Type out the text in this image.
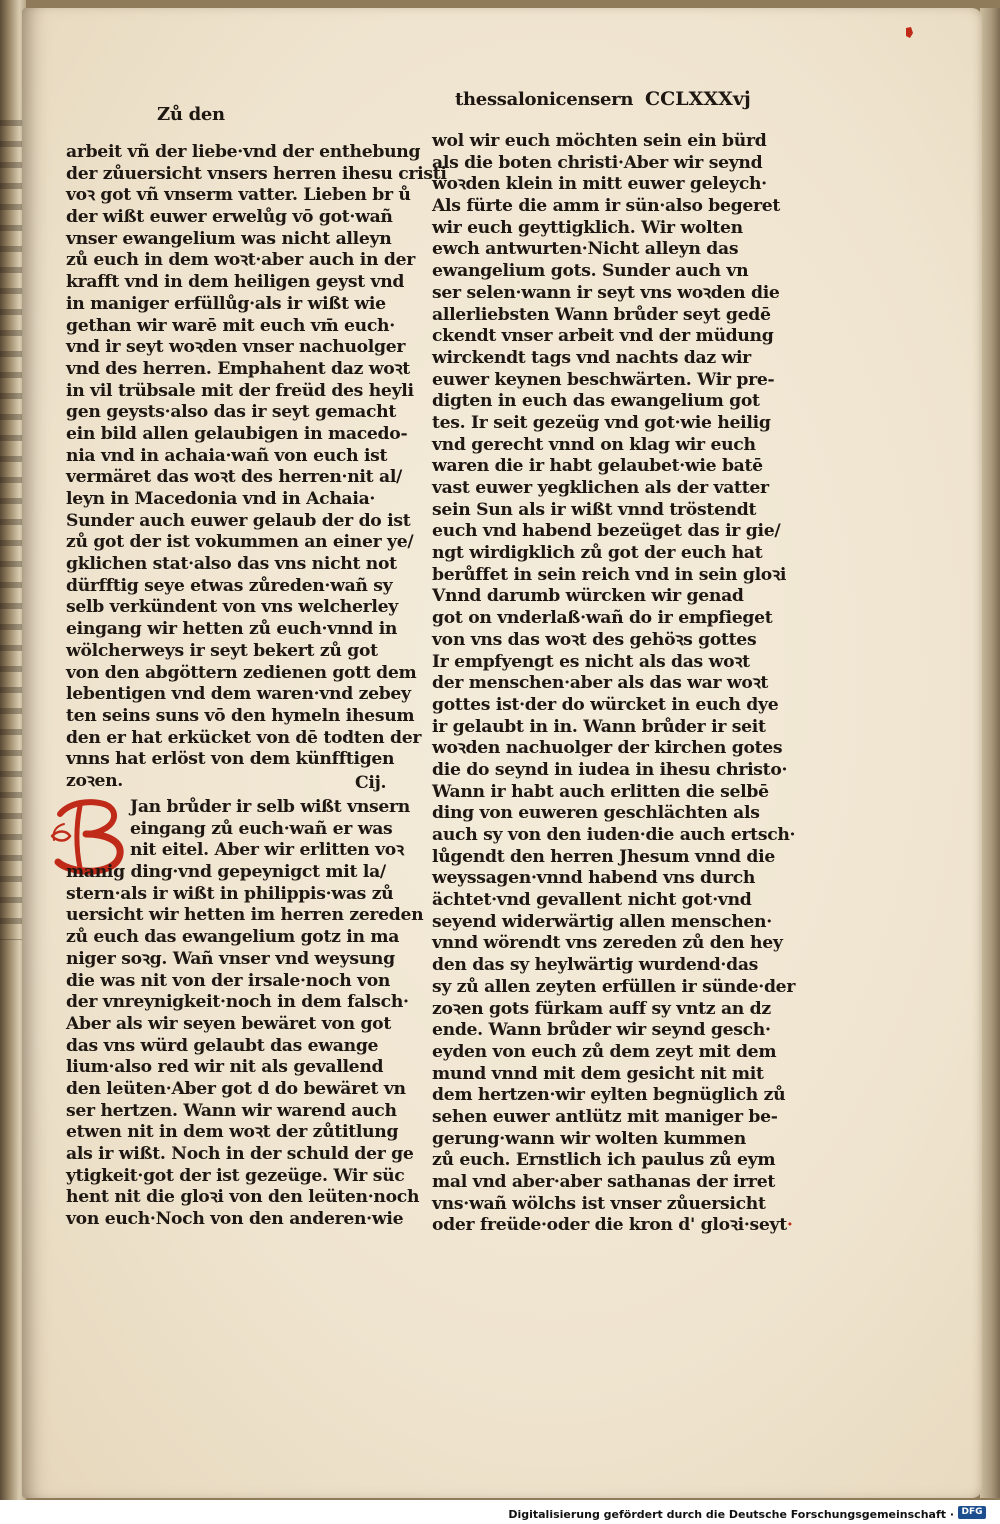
Zů den
thessalonicensern CCLXXXvj
arbeit vñ der liebe·vnd der enthebung
der zůuersicht vnsers herren ihesu cristi
voꝛ got vñ vnserm vatter. Lieben br ů
der wißt euwer erwelůg vō got·wañ
vnser ewangelium was nicht alleyn
zů euch in dem woꝛt·aber auch in der
krafft vnd in dem heiligen geyst vnd
in maniger erfüllůg·als ir wißt wie
gethan wir warē mit euch vm̄ euch·
vnd ir seyt woꝛden vnser nachuolger
vnd des herren. Emphahent daz woꝛt
in vil trübsale mit der freüd des heyli
gen geysts·also das ir seyt gemacht
ein bild allen gelaubigen in macedo-
nia vnd in achaia·wañ von euch ist
vermäret das woꝛt des herren·nit al/
leyn in Macedonia vnd in Achaia·
Sunder auch euwer gelaub der do ist
zů got der ist vokummen an einer ye/
gklichen stat·also das vns nicht not
dürfftig seye etwas zůreden·wañ sy
selb verkündent von vns welcherley
eingang wir hetten zů euch·vnnd in
wölcherweys ir seyt bekert zů got
von den abgöttern zedienen gott dem
lebentigen vnd dem waren·vnd zebey
ten seins suns vō den hymeln ihesum
den er hat erkücket von dē todten der
vnns hat erlöst von dem künfftigen
zoꝛen.	Cij.
Jan brůder ir selb wißt vnsern
eingang zů euch·wañ er was
nit eitel. Aber wir erlitten voꝛ
manig ding·vnd gepeynigct mit la/
stern·als ir wißt in philippis·was zů
uersicht wir hetten im herren zereden
zů euch das ewangelium gotz in ma
niger soꝛg. Wañ vnser vnd weysung
die was nit von der irsale·noch von
der vnreynigkeit·noch in dem falsch·
Aber als wir seyen bewäret von got
das vns würd gelaubt das ewange
lium·also red wir nit als gevallend
den leüten·Aber got d do bewäret vn
ser hertzen. Wann wir warend auch
etwen nit in dem woꝛt der zůtitlung
als ir wißt. Noch in der schuld der ge
ytigkeit·got der ist gezeüge. Wir süc
hent nit die gloꝛi von den leüten·noch
von euch·Noch von den anderen·wie
wol wir euch möchten sein ein bürd
als die boten christi·Aber wir seynd
woꝛden klein in mitt euwer geleych·
Als fürte die amm ir sün·also begeret
wir euch geyttigklich. Wir wolten
ewch antwurten·Nicht alleyn das
ewangelium gots. Sunder auch vn
ser selen·wann ir seyt vns woꝛden die
allerliebsten Wann brůder seyt gedē
ckendt vnser arbeit vnd der müdung
wirckendt tags vnd nachts daz wir
euwer keynen beschwärten. Wir pre-
digten in euch das ewangelium got
tes. Ir seit gezeüg vnd got·wie heilig
vnd gerecht vnnd on klag wir euch
waren die ir habt gelaubet·wie batē
vast euwer yegklichen als der vatter
sein Sun als ir wißt vnnd tröstendt
euch vnd habend bezeüget das ir gie/
ngt wirdigklich zů got der euch hat
berůffet in sein reich vnd in sein gloꝛi
Vnnd darumb würcken wir genad
got on vnderlaß·wañ do ir empfieget
von vns das woꝛt des gehöꝛs gottes
Ir empfyengt es nicht als das woꝛt
der menschen·aber als das war woꝛt
gottes ist·der do würcket in euch dye
ir gelaubt in in. Wann brůder ir seit
woꝛden nachuolger der kirchen gotes
die do seynd in iudea in ihesu christo·
Wann ir habt auch erlitten die selbē
ding von euweren geschlächten als
auch sy von den iuden·die auch ertsch·
lůgendt den herren Jhesum vnnd die
weyssagen·vnnd habend vns durch
ächtet·vnd gevallent nicht got·vnd
seyend widerwärtig allen menschen·
vnnd wörendt vns zereden zů den hey
den das sy heylwärtig wurdend·das
sy zů allen zeyten erfüllen ir sünde·der
zoꝛen gots fürkam auff sy vntz an dz
ende. Wann brůder wir seynd gesch·
eyden von euch zů dem zeyt mit dem
mund vnnd mit dem gesicht nit mit
dem hertzen·wir eylten begnüglich zů
sehen euwer antlütz mit maniger be-
gerung·wann wir wolten kummen
zů euch. Ernstlich ich paulus zů eym
mal vnd aber·aber sathanas der irret
vns·wañ wölchs ist vnser zůuersicht
oder freüde·oder die kron d' gloꝛi·seyt·
Digitalisierung gefördert durch die Deutsche Forschungsgemeinschaft · DFG
